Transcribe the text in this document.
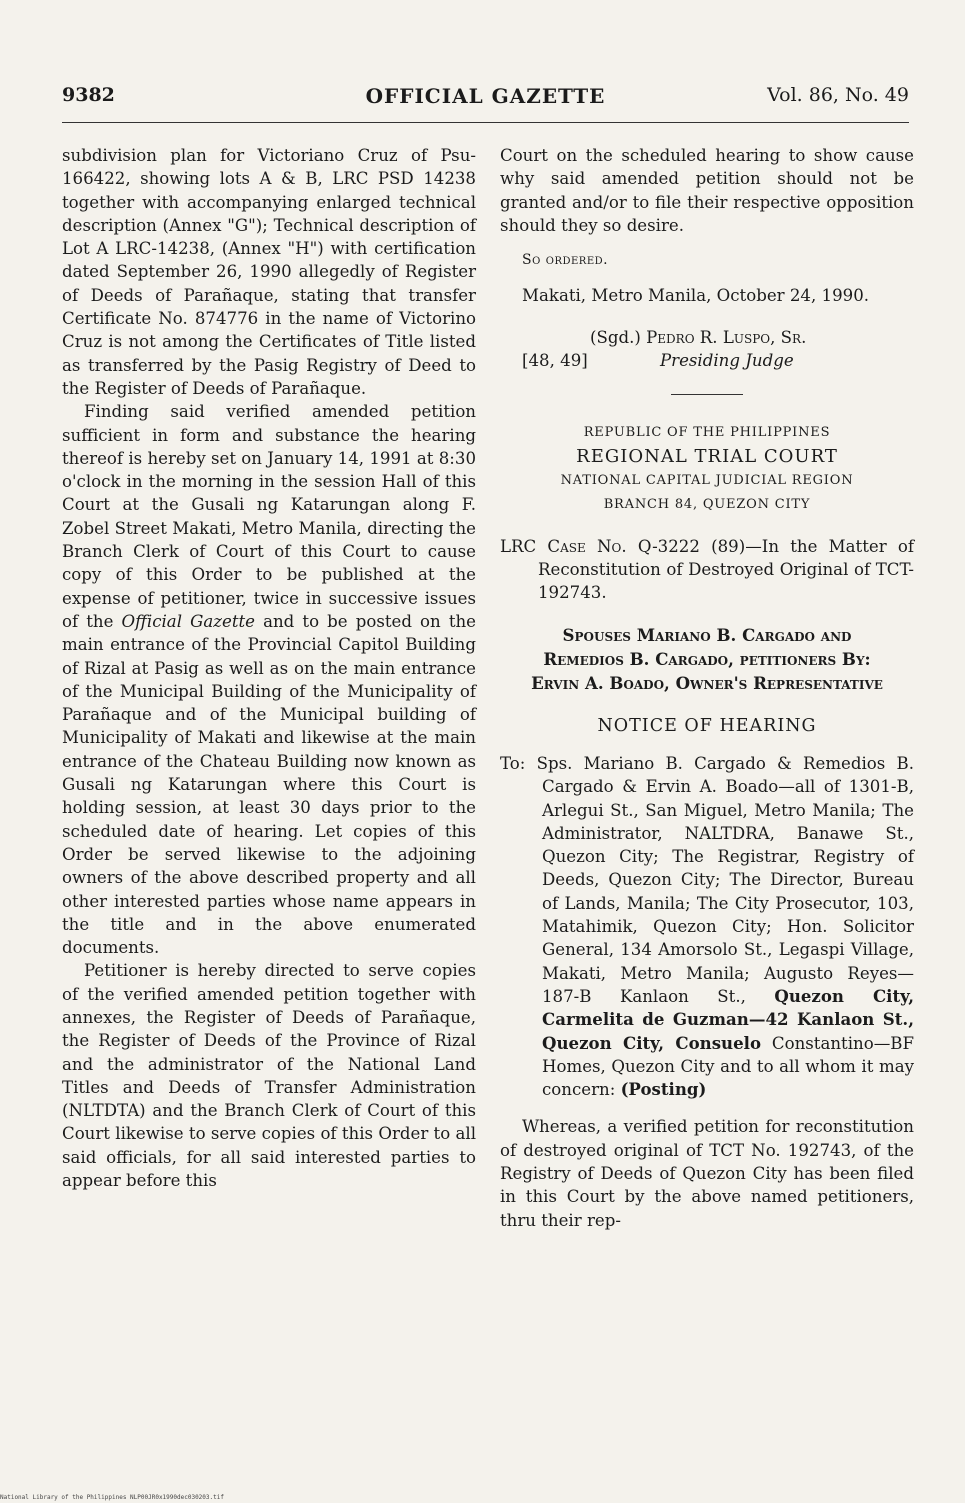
9382	OFFICIAL GAZETTE	Vol. 86, No. 49

subdivision plan for Victoriano Cruz of Psu-166422, showing lots A & B, LRC PSD 14238 together with accompanying enlarged technical description (Annex "G"); Technical description of Lot A LRC-14238, (Annex "H") with certification dated September 26, 1990 allegedly of Register of Deeds of Parañaque, stating that transfer Certificate No. 874776 in the name of Victorino Cruz is not among the Certificates of Title listed as transferred by the Pasig Registry of Deed to the Register of Deeds of Parañaque.

Finding said verified amended petition sufficient in form and substance the hearing thereof is hereby set on January 14, 1991 at 8:30 o'clock in the morning in the session Hall of this Court at the Gusali ng Katarungan along F. Zobel Street Makati, Metro Manila, directing the Branch Clerk of Court of this Court to cause copy of this Order to be published at the expense of petitioner, twice in successive issues of the Official Gazette and to be posted on the main entrance of the Provincial Capitol Building of Rizal at Pasig as well as on the main entrance of the Municipal Building of the Municipality of Parañaque and of the Municipal building of Municipality of Makati and likewise at the main entrance of the Chateau Building now known as Gusali ng Katarungan where this Court is holding session, at least 30 days prior to the scheduled date of hearing. Let copies of this Order be served likewise to the adjoining owners of the above described property and all other interested parties whose name appears in the title and in the above enumerated documents.

Petitioner is hereby directed to serve copies of the verified amended petition together with annexes, the Register of Deeds of Parañaque, the Register of Deeds of the Province of Rizal and the administrator of the National Land Titles and Deeds of Transfer Administration (NLTDTA) and the Branch Clerk of Court of this Court likewise to serve copies of this Order to all said officials, for all said interested parties to appear before this

Court on the scheduled hearing to show cause why said amended petition should not be granted and/or to file their respective opposition should they so desire.

So ordered.
Makati, Metro Manila, October 24, 1990.
(Sgd.) Pedro R. Luspo, Sr.
[48, 49]	Presiding Judge
REPUBLIC OF THE PHILIPPINES
REGIONAL TRIAL COURT
NATIONAL CAPITAL JUDICIAL REGION
BRANCH 84, QUEZON CITY

LRC Case No. Q-3222 (89)—In the Matter of Reconstitution of Destroyed Original of TCT-192743.

Spouses Mariano B. Cargado and
Remedios B. Cargado, petitioners By:
Ervin A. Boado, Owner's Representative
NOTICE OF HEARING

To: Sps. Mariano B. Cargado & Remedios B. Cargado & Ervin A. Boado—all of 1301-B, Arlegui St., San Miguel, Metro Manila; The Administrator, NALTDRA, Banawe St., Quezon City; The Registrar, Registry of Deeds, Quezon City; The Director, Bureau of Lands, Manila; The City Prosecutor, 103, Matahimik, Quezon City; Hon. Solicitor General, 134 Amorsolo St., Legaspi Village, Makati, Metro Manila; Augusto Reyes—187-B Kanlaon St., Quezon City, Carmelita de Guzman—42 Kanlaon St., Quezon City, Consuelo Constantino—BF Homes, Quezon City and to all whom it may concern: (Posting)

Whereas, a verified petition for reconstitution of destroyed original of TCT No. 192743, of the Registry of Deeds of Quezon City has been filed in this Court by the above named petitioners, thru their rep-

National Library of the Philippines NLP00JR0x1990dec030203.tif
